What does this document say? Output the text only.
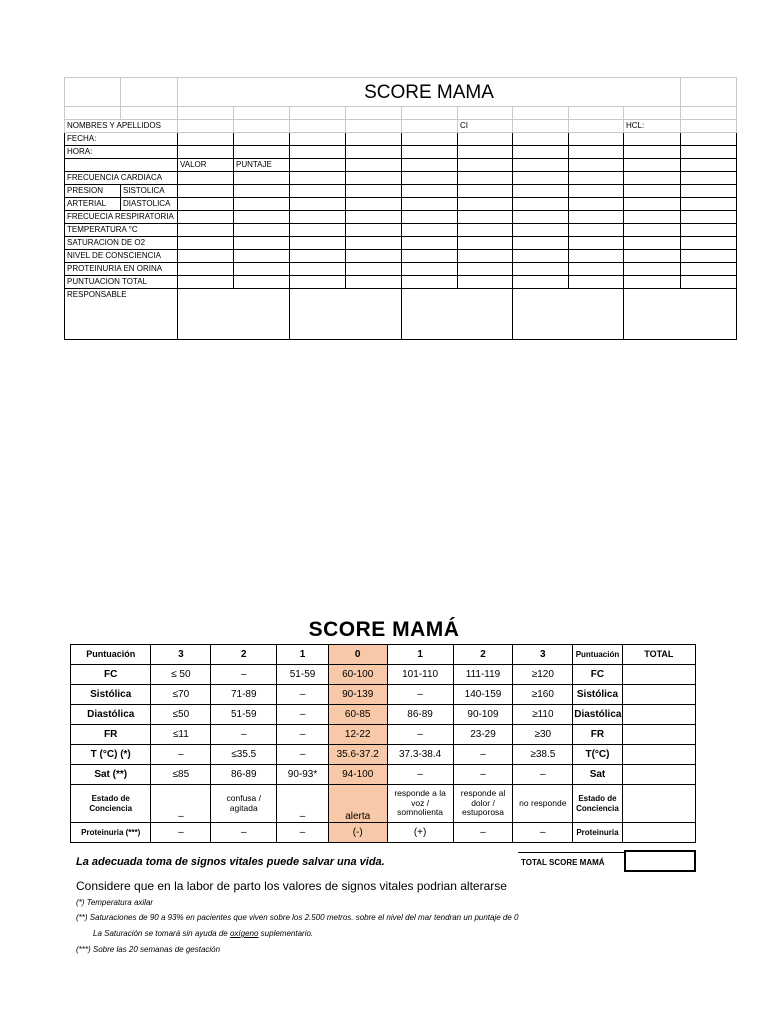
		SCORE MAMA									

NOMBRES Y APELLIDOS							CI			HCL:	
FECHA:											
HORA:											
		VALOR	PUNTAJE								
FRECUENCIA CARDIACA											
PRESION	SISTOLICA										
ARTERIAL	DIASTOLICA										
FRECUECIA RESPIRATORIA											
TEMPERATURA °C											
SATURACION DE O2											
NIVEL DE CONSCIENCIA											
PROTEINURIA EN ORINA											
PUNTUACION TOTAL											
RESPONSABLE											
SCORE MAMÁ
Puntuación	3	2	1	0	1	2	3	Puntuación	TOTAL
FC	≤ 50	–	51-59	60-100	101-110	111-119	≥120	FC	
Sistólica	≤70	71-89	–	90-139	–	140-159	≥160	Sistólica	
Diastólica	≤50	51-59	–	60-85	86-89	90-109	≥110	Diastólica	
FR	≤11	–	–	12-22	–	23-29	≥30	FR	
T (°C) (*)	–	≤35.5	–	35.6-37.2	37.3-38.4	–	≥38.5	T(°C)	
Sat (**)	≤85	86-89	90-93*	94-100	–	–	–	Sat	
Estado de
Conciencia	–	confusa / agitada	–	alerta	responde a la voz / somnolienta	responde al dolor / estuporosa	no responde	Estado de
Conciencia	
Proteinuria (***)	–	–	–	(-)	(+)	–	–	Proteinuria	
La adecuada toma de signos vitales puede salvar una vida.	TOTAL SCORE MAMÁ
Considere que en la labor de parto los valores de signos vitales podrian alterarse
(*) Temperatura axilar
(**) Saturaciones de 90 a 93% en pacientes que viven sobre los 2.500 metros. sobre el nivel del mar tendran un puntaje de 0
La Saturación se tomará sin ayuda de oxígeno suplementario.
(***) Sobre las 20 semanas de gestación
